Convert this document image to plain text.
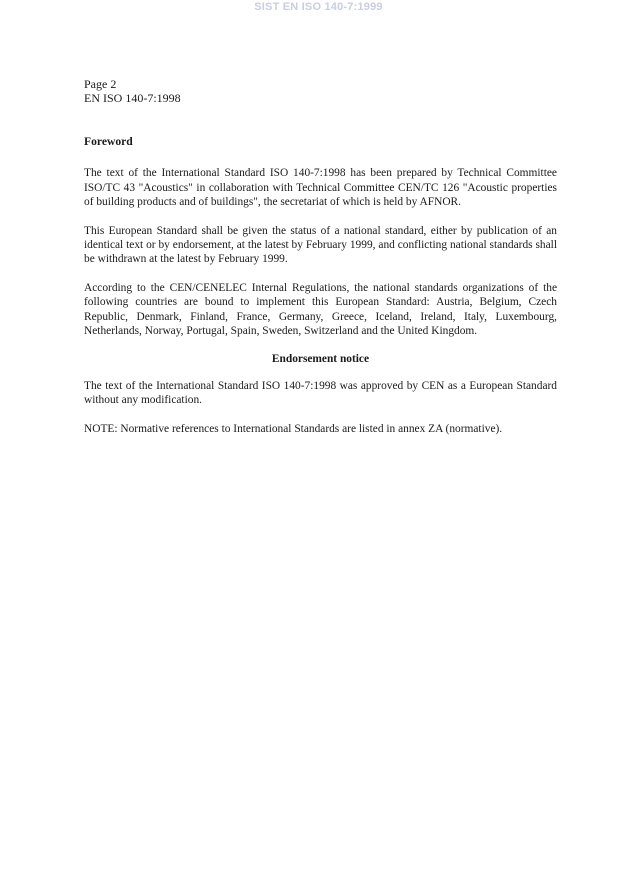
SIST EN ISO 140-7:1999
Page 2
EN ISO 140-7:1998
Foreword

The text of the International Standard ISO 140-7:1998 has been prepared by Technical Committee ISO/TC 43 "Acoustics" in collaboration with Technical Committee CEN/TC 126 "Acoustic properties of building products and of buildings", the secretariat of which is held by AFNOR.

This European Standard shall be given the status of a national standard, either by publication of an identical text or by endorsement, at the latest by February 1999, and conflicting national standards shall be withdrawn at the latest by February 1999.

According to the CEN/CENELEC Internal Regulations, the national standards organizations of the following countries are bound to implement this European Standard: Austria, Belgium, Czech Republic, Denmark, Finland, France, Germany, Greece, Iceland, Ireland, Italy, Luxembourg, Netherlands, Norway, Portugal, Spain, Sweden, Switzerland and the United Kingdom.

Endorsement notice

The text of the International Standard ISO 140-7:1998 was approved by CEN as a European Standard without any modification.

NOTE: Normative references to International Standards are listed in annex ZA (normative).
